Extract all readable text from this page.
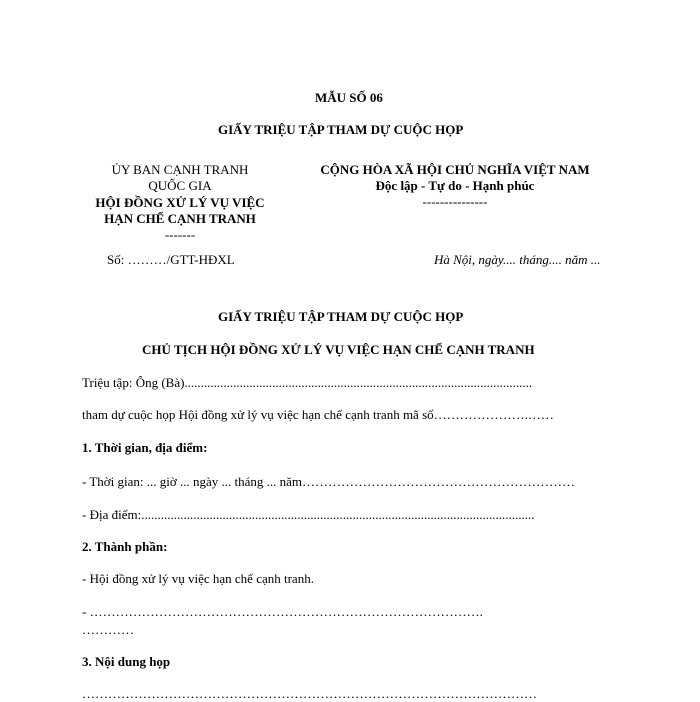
MẪU SỐ 06
GIẤY TRIỆU TẬP THAM DỰ CUỘC HỌP
ỦY BAN CẠNH TRANH
QUỐC GIA
HỘI ĐỒNG XỬ LÝ VỤ VIỆC
HẠN CHẾ CẠNH TRANH
-------
Số: ………/GTT-HĐXL
CỘNG HÒA XÃ HỘI CHỦ NGHĨA VIỆT NAM
Độc lập - Tự do - Hạnh phúc
---------------
Hà Nội, ngày.... tháng.... năm ...
GIẤY TRIỆU TẬP THAM DỰ CUỘC HỌP
CHỦ TỊCH HỘI ĐỒNG XỬ LÝ VỤ VIỆC HẠN CHẾ CẠNH TRANH
Triệu tập: Ông (Bà)...........................................................................................................
tham dự cuộc họp Hội đồng xử lý vụ việc hạn chế cạnh tranh mã số………………….……
1. Thời gian, địa điểm:
- Thời gian: ... giờ ... ngày ... tháng ... năm………………………………………………………
- Địa điểm:.........................................................................................................................
2. Thành phần:
- Hội đồng xử lý vụ việc hạn chế cạnh tranh.
- ……………………………………………………………………………….
…………
3. Nội dung họp
……………………………………………………………………………………………
